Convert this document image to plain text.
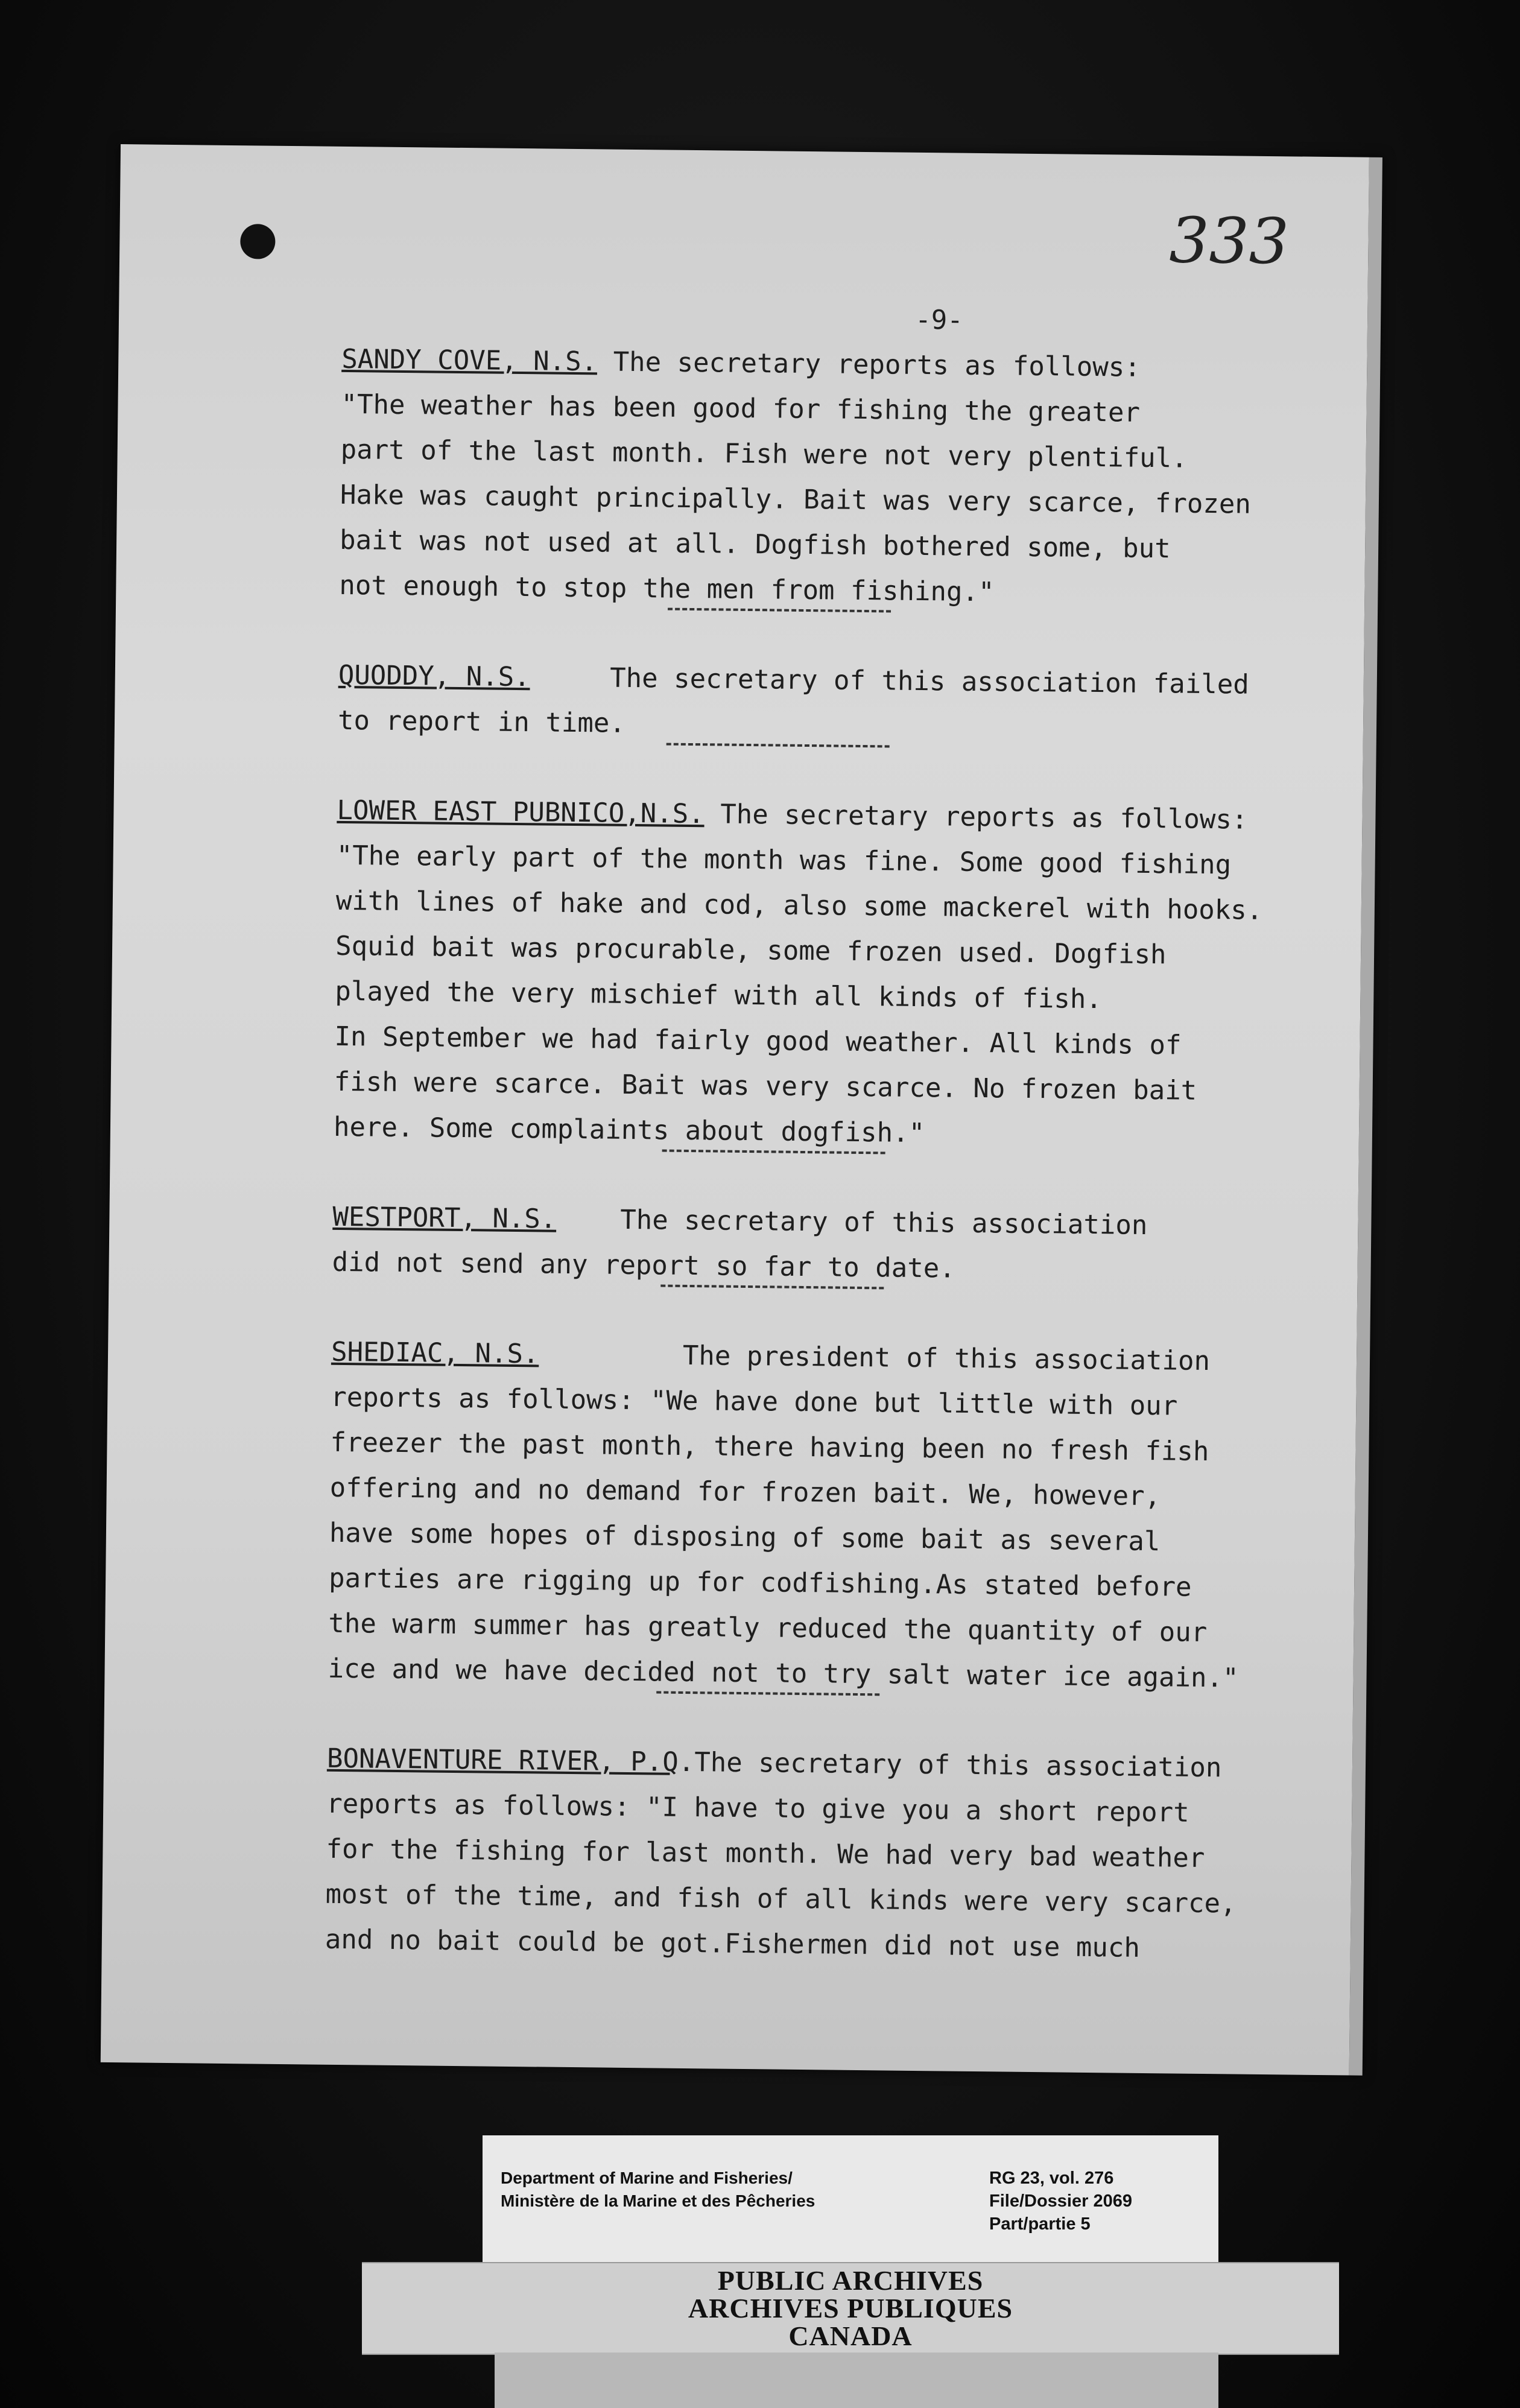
333
-9-
SANDY COVE, N.S. The secretary reports as follows:
"The weather has been good for fishing the greater
part of the last month. Fish were not very plentiful.
Hake was caught principally. Bait was very scarce, frozen
bait was not used at all. Dogfish bothered some, but
not enough to stop the men from fishing."
QUODDY, N.S.     The secretary of this association failed
to report in time.
LOWER EAST PUBNICO,N.S. The secretary reports as follows:
"The early part of the month was fine. Some good fishing
with lines of hake and cod, also some mackerel with hooks.
Squid bait was procurable, some frozen used. Dogfish
played the very mischief with all kinds of fish.
In September we had fairly good weather. All kinds of
fish were scarce. Bait was very scarce. No frozen bait
here. Some complaints about dogfish."
WESTPORT, N.S.    The secretary of this association
did not send any report so far to date.
SHEDIAC, N.S.         The president of this association
reports as follows: "We have done but little with our
freezer the past month, there having been no fresh fish
offering and no demand for frozen bait. We, however,
have some hopes of disposing of some bait as several
parties are rigging up for codfishing.As stated before
the warm summer has greatly reduced the quantity of our
ice and we have decided not to try salt water ice again."
BONAVENTURE RIVER, P.Q.The secretary of this association
reports as follows: "I have to give you a short report
for the fishing for last month. We had very bad weather
most of the time, and fish of all kinds were very scarce,
and no bait could be got.Fishermen did not use much
Department of Marine and Fisheries/
Ministère de la Marine et des Pêcheries
RG 23, vol. 276
File/Dossier 2069
Part/partie 5
PUBLIC ARCHIVES
ARCHIVES PUBLIQUES
CANADA
